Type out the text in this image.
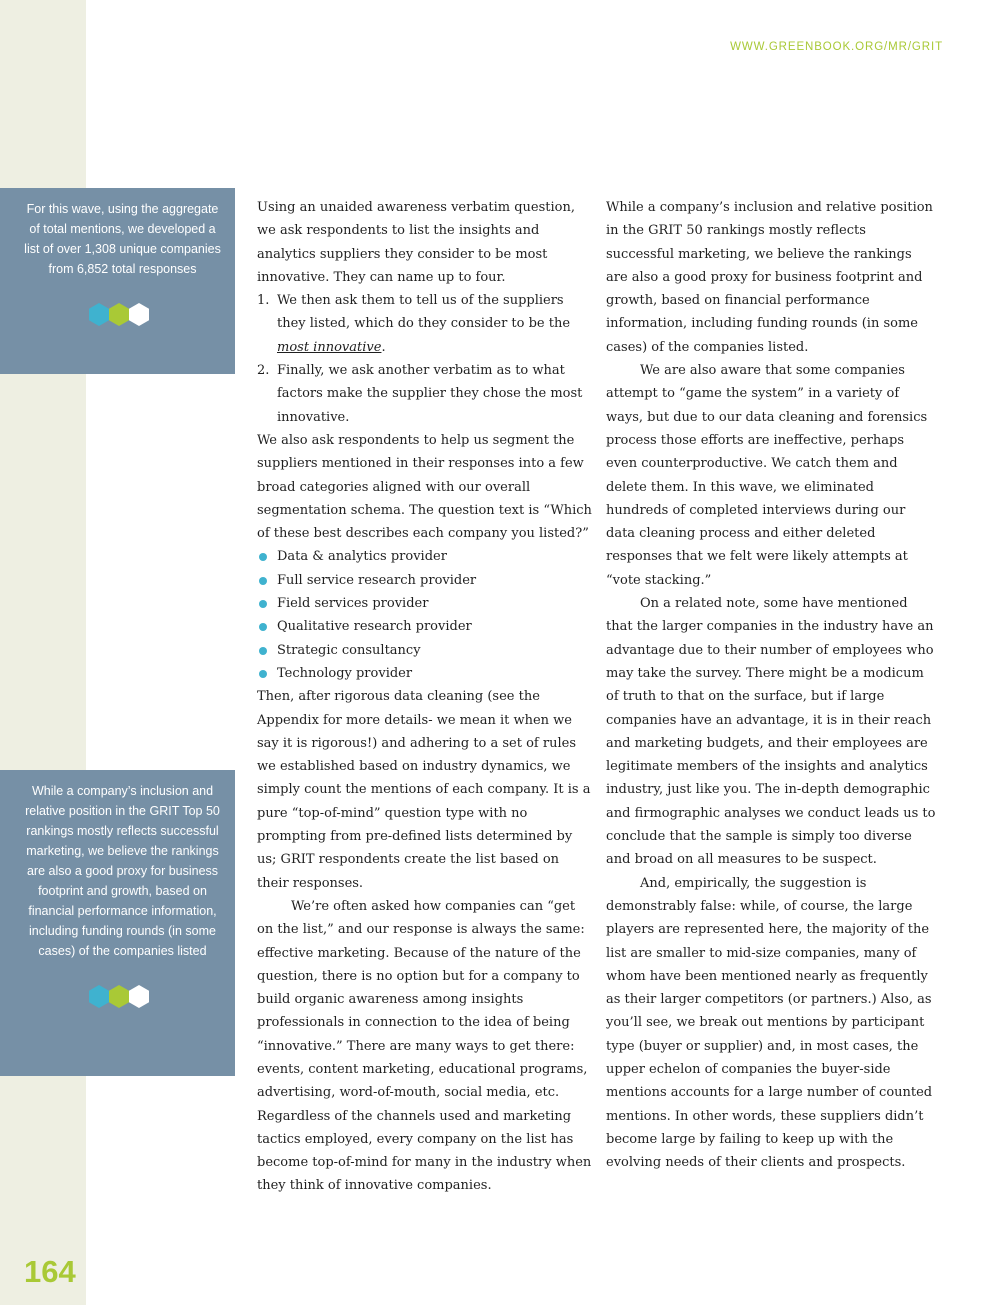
164
WWW.GREENBOOK.ORG/MR/GRIT

For this wave, using the aggregate of total mentions, we developed a list of over 1,308 unique companies from 6,852 total responses

While a company’s inclusion and relative position in the GRIT Top 50 rankings mostly reflects successful marketing, we believe the rankings are also a good proxy for business footprint and growth, based on financial performance information, including funding rounds (in some cases) of the companies listed

Using an unaided awareness verbatim question, we ask respondents to list the insights and analytics suppliers they consider to be most innovative. They can name up to four.

1. We then ask them to tell us of the suppliers they listed, which do they consider to be the most innovative.
2. Finally, we ask another verbatim as to what factors make the supplier they chose the most innovative.

We also ask respondents to help us segment the suppliers mentioned in their responses into a few broad categories aligned with our overall segmentation schema. The question text is “Which of these best describes each company you listed?”

Data & analytics provider
Full service research provider
Field services provider
Qualitative research provider
Strategic consultancy
Technology provider

Then, after rigorous data cleaning (see the Appendix for more details- we mean it when we say it is rigorous!) and adhering to a set of rules we established based on industry dynamics, we simply count the mentions of each company. It is a pure “top-of-mind” question type with no prompting from pre-defined lists determined by us; GRIT respondents create the list based on their responses.

We’re often asked how companies can “get on the list,” and our response is always the same: effective marketing. Because of the nature of the question, there is no option but for a company to build organic awareness among insights professionals in connection to the idea of being “innovative.” There are many ways to get there: events, content marketing, educational programs, advertising, word-of-mouth, social media, etc. Regardless of the channels used and marketing tactics employed, every company on the list has become top-of-mind for many in the industry when they think of innovative companies.

While a company’s inclusion and relative position in the GRIT 50 rankings mostly reflects successful marketing, we believe the rankings are also a good proxy for business footprint and growth, based on financial performance information, including funding rounds (in some cases) of the companies listed.

We are also aware that some companies attempt to “game the system” in a variety of ways, but due to our data cleaning and forensics process those efforts are ineffective, perhaps even counterproductive. We catch them and delete them. In this wave, we eliminated hundreds of completed interviews during our data cleaning process and either deleted responses that we felt were likely attempts at “vote stacking.”

On a related note, some have mentioned that the larger companies in the industry have an advantage due to their number of employees who may take the survey. There might be a modicum of truth to that on the surface, but if large companies have an advantage, it is in their reach and marketing budgets, and their employees are legitimate members of the insights and analytics industry, just like you. The in-depth demographic and firmographic analyses we conduct leads us to conclude that the sample is simply too diverse and broad on all measures to be suspect.

And, empirically, the suggestion is demonstrably false: while, of course, the large players are represented here, the majority of the list are smaller to mid-size companies, many of whom have been mentioned nearly as frequently as their larger competitors (or partners.) Also, as you’ll see, we break out mentions by participant type (buyer or supplier) and, in most cases, the upper echelon of companies the buyer-side mentions accounts for a large number of counted mentions. In other words, these suppliers didn’t become large by failing to keep up with the evolving needs of their clients and prospects.
